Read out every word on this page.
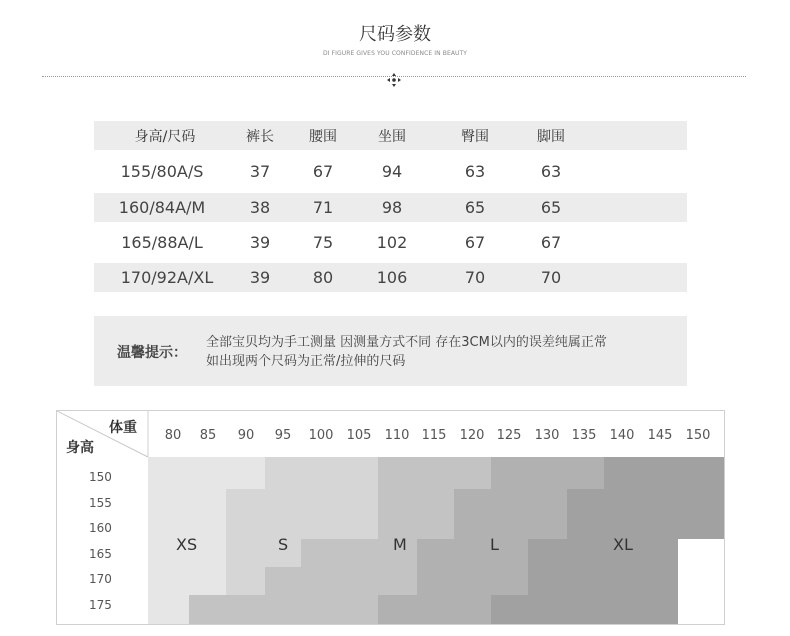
尺码参数
DI FIGURE GIVES YOU CONFIDENCE IN BEAUTY
身高/尺码	裤长	腰围	坐围	臀围	脚围
155/80A/S	37	67	94	63	63
160/84A/M	38	71	98	65	65
165/88A/L	39	75	102	67	67
170/92A/XL	39	80	106	70	70
温馨提示：
全部宝贝均为手工测量 因测量方式不同 存在3CM以内的误差纯属正常
如出现两个尺码为正常/拉伸的尺码
体重
身高
80	85	90	95	100 105 110 115 120 125 130 135 140 145 150
150
155
160
165
170
175
XS	S	M	L	XL
